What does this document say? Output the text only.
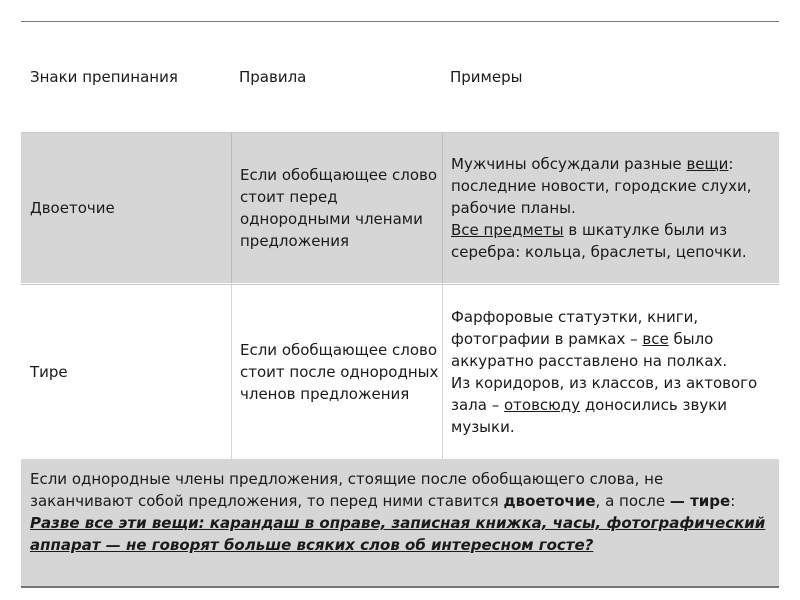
Знаки препинания	Правила	Примеры
Двоеточие
Если обобщающее слово стоит перед однородными членами предложения

Мужчины обсуждали разные вещи: последние новости, городские слухи, рабочие планы.

Все предметы в шкатулке были из серебра: кольца, браслеты, цепочки.

Тире
Если обобщающее слово стоит после однородных членов предложения

Фарфоровые статуэтки, книги, фотографии в рамках – все было аккуратно расставлено на полках.

Из коридоров, из классов, из актового зала – отовсюду доносились звуки музыки.

Если однородные члены предложения, стоящие после обобщающего слова, не заканчивают собой предложения, то перед ними ставится двоеточие, а после — тире: Разве все эти вещи: карандаш в оправе, записная книжка, часы, фотографический аппарат — не говорят больше всяких слов об интересном госте?
